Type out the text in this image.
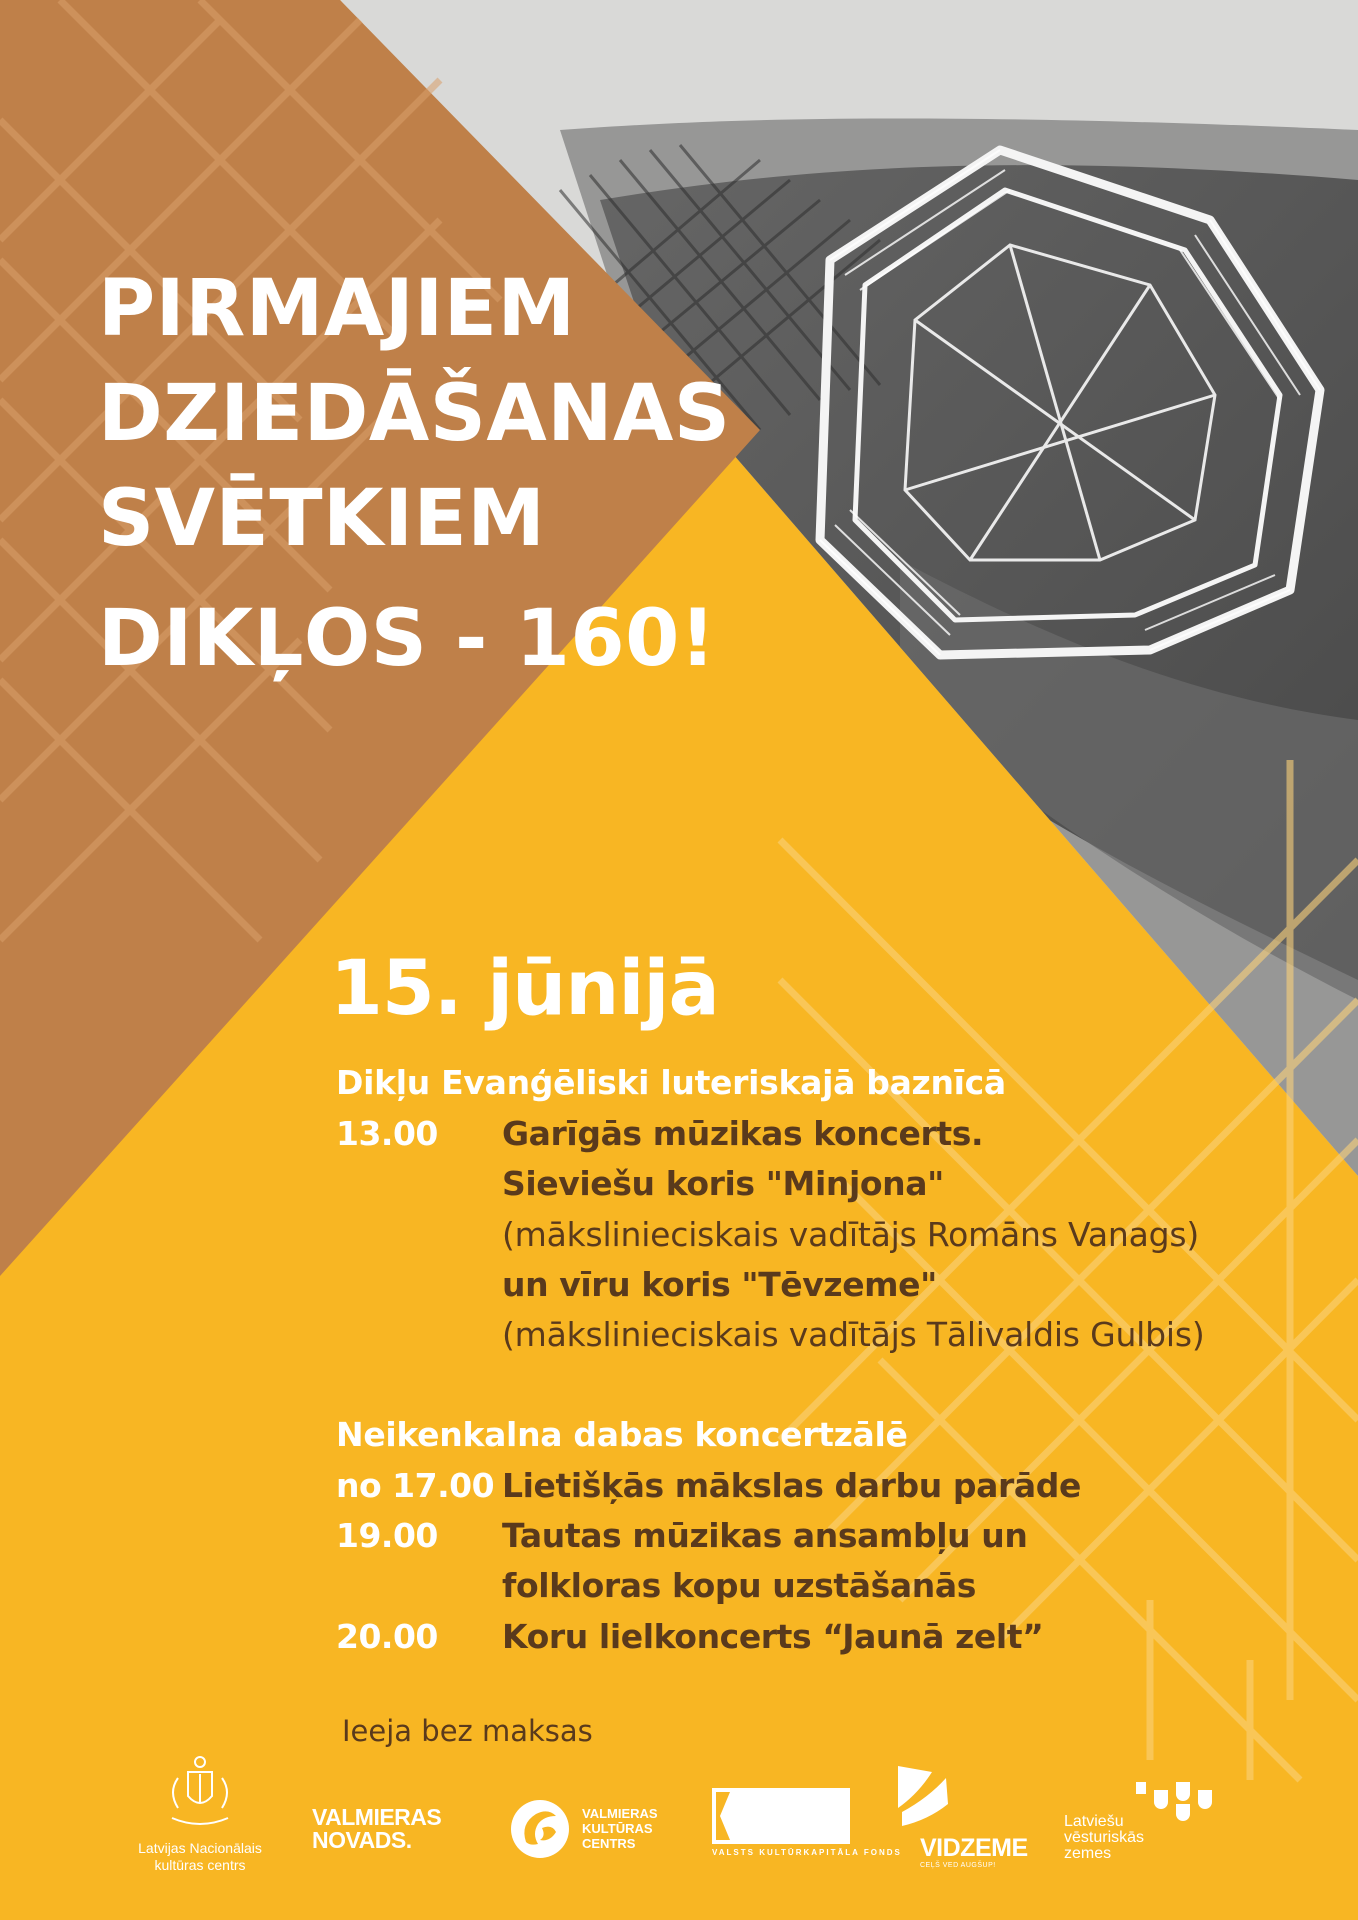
PIRMAJIEM
DZIEDĀŠANAS
SVĒTKIEM
DIKĻOS - 160!
15. jūnijā
Dikļu Evanģēliski luteriskajā baznīcā
13.00 Garīgās mūzikas koncerts.
Sieviešu koris "Minjona"
(mākslinieciskais vadītājs Romāns Vanags)
un vīru koris "Tēvzeme"
(mākslinieciskais vadītājs Tālivaldis Gulbis)
Neikenkalna dabas koncertzālē
no 17.00 Lietišķās mākslas darbu parāde
19.00 Tautas mūzikas ansambļu un
folkloras kopu uzstāšanās
20.00 Koru lielkoncerts “Jaunā zelt”
Ieeja bez maksas
Latvijas Nacionālais
kultūras centrs
VALMIERAS
NOVADS.
VALMIERAS
KULTŪRAS
CENTRS
VALSTS KULTŪRKAPITĀLA FONDS VIDZEME
CEĻŠ VED AUGŠUP!
Latviešu
vēsturiskās
zemes
